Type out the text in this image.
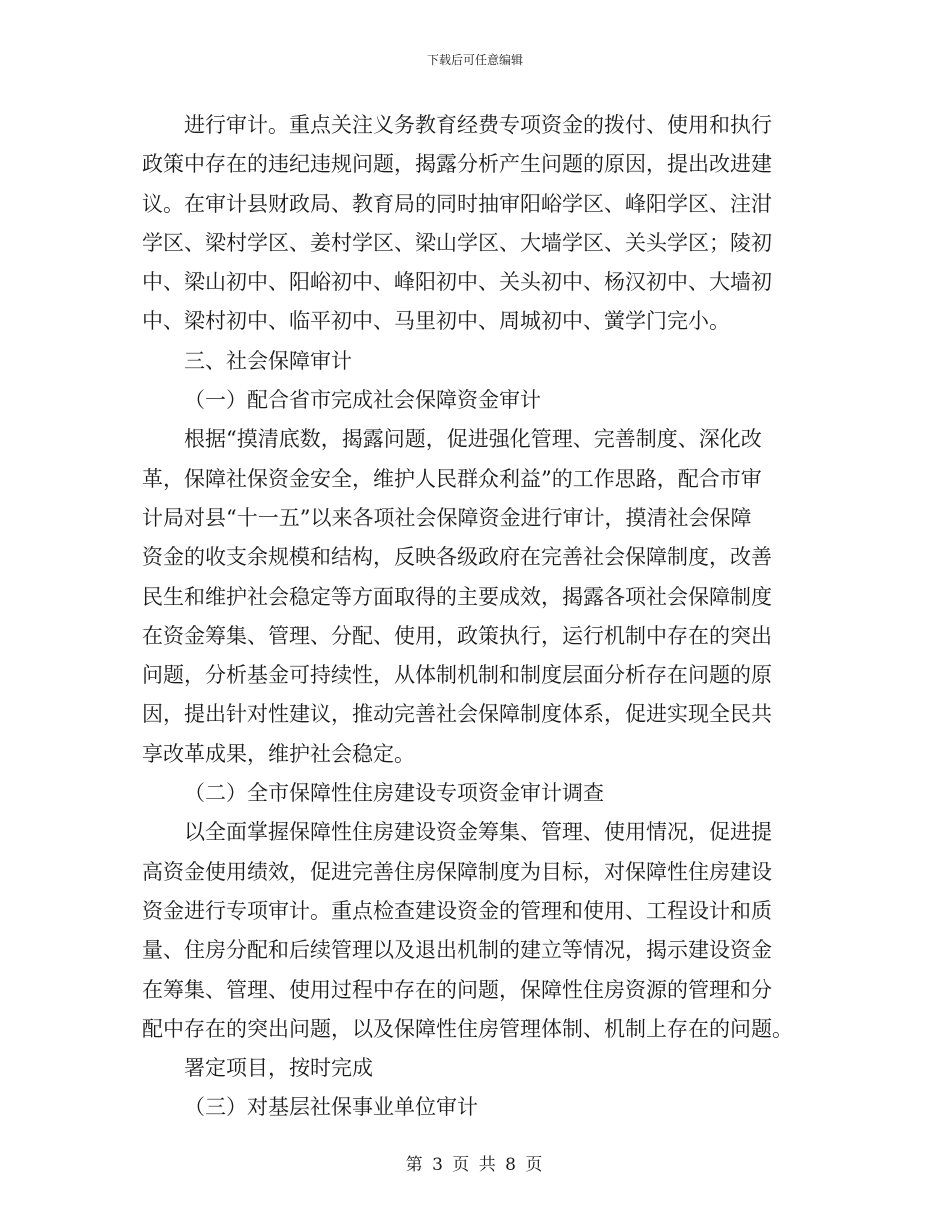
下载后可任意编辑
进行审计。重点关注义务教育经费专项资金的拨付、使用和执行
政策中存在的违纪违规问题，揭露分析产生问题的原因，提出改进建
议。在审计县财政局、教育局的同时抽审阳峪学区、峰阳学区、注泔
学区、梁村学区、姜村学区、梁山学区、大墙学区、关头学区；陵初
中、梁山初中、阳峪初中、峰阳初中、关头初中、杨汉初中、大墙初
中、梁村初中、临平初中、马里初中、周城初中、黉学门完小。
三、社会保障审计
（一）配合省市完成社会保障资金审计
根据“摸清底数，揭露问题，促进强化管理、完善制度、深化改
革，保障社保资金安全，维护人民群众利益”的工作思路，配合市审
计局对县“十一五”以来各项社会保障资金进行审计，摸清社会保障
资金的收支余规模和结构，反映各级政府在完善社会保障制度，改善
民生和维护社会稳定等方面取得的主要成效，揭露各项社会保障制度
在资金筹集、管理、分配、使用，政策执行，运行机制中存在的突出
问题，分析基金可持续性，从体制机制和制度层面分析存在问题的原
因，提出针对性建议，推动完善社会保障制度体系，促进实现全民共
享改革成果，维护社会稳定。
（二）全市保障性住房建设专项资金审计调查
以全面掌握保障性住房建设资金筹集、管理、使用情况，促进提
高资金使用绩效，促进完善住房保障制度为目标，对保障性住房建设
资金进行专项审计。重点检查建设资金的管理和使用、工程设计和质
量、住房分配和后续管理以及退出机制的建立等情况，揭示建设资金
在筹集、管理、使用过程中存在的问题，保障性住房资源的管理和分
配中存在的突出问题，以及保障性住房管理体制、机制上存在的问题。
署定项目，按时完成
（三）对基层社保事业单位审计
第 3 页 共 8 页
